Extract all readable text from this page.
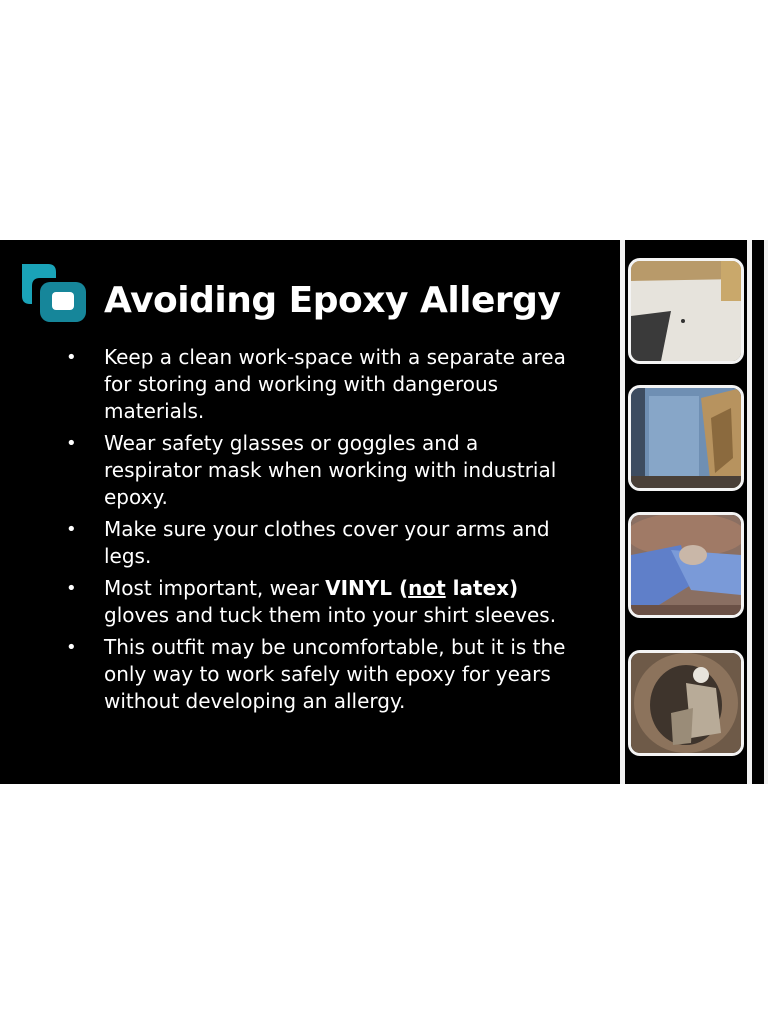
Avoiding Epoxy Allergy
• Keep a clean work-space with a separate area for storing and working with dangerous materials.
• Wear safety glasses or goggles and a respirator mask when working with industrial epoxy.
• Make sure your clothes cover your arms and legs.
• Most important, wear VINYL (not latex) gloves and tuck them into your shirt sleeves.
• This outfit may be uncomfortable, but it is the only way to work safely with epoxy for years without developing an allergy.
